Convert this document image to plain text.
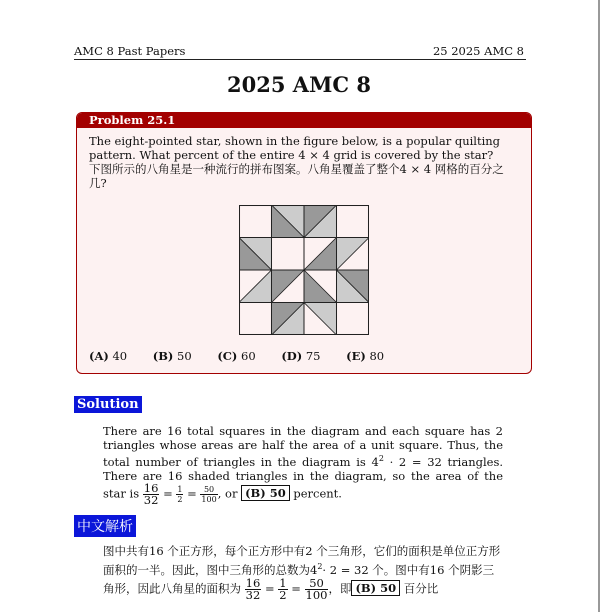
AMC 8 Past Papers	25 2025 AMC 8
2025 AMC 8
Problem 25.1
The eight-pointed star, shown in the figure below, is a popular quilting pattern. What percent of the entire 4 × 4 grid is covered by the star?
下图所示的八角星是一种流行的拼布图案。八角星覆盖了整个4 × 4 网格的百分之几?
(A) 40 (B) 50 (C) 60 (D) 75 (E) 80
Solution
There are 16 total squares in the diagram and each square has 2 triangles whose areas are half the area of a unit square. Thus, the total number of triangles in the diagram is $4^2 \cdot 2 = 32$ triangles. There are 16 shaded triangles in the diagram, so the area of the star is $\frac{16}{32} = \frac{1}{2} = \frac{50}{100}$ , or (B) 50 percent.
中文解析
图中共有16 个正方形，每个正方形中有2 个三角形，它们的面积是单位正方形面积的一半。因此，图中三角形的总数为$4^2\cdot 2 = 32$ 个。图中有16 个阴影三角形，因此八角星的面积为 $\frac{16}{32} = \frac{1}{2} = \frac{50}{100}$ ，即 (B) 50 百分比
